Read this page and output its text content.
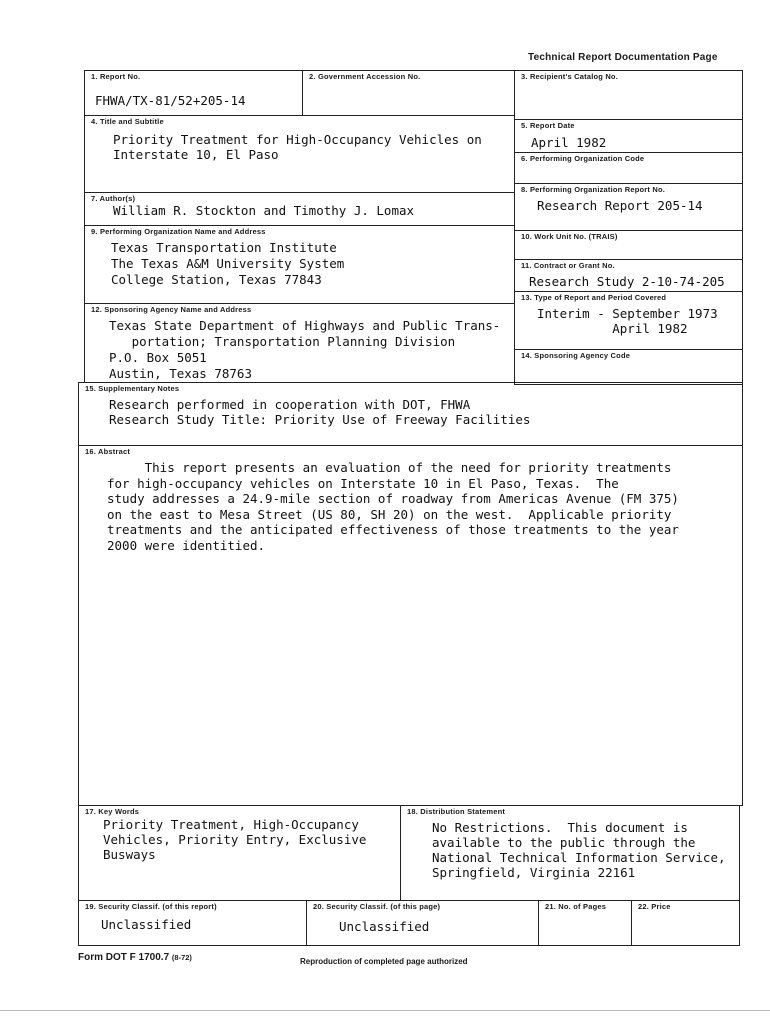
Technical Report Documentation Page
1. Report No.
FHWA/TX-81/52+205-14
2. Government Accession No.	3. Recipient's Catalog No.
4. Title and Subtitle
Priority Treatment for High-Occupancy Vehicles on
Interstate 10, El Paso
5. Report Date
April 1982
6. Performing Organization Code
7. Author(s)
William R. Stockton and Timothy J. Lomax
8. Performing Organization Report No.
Research Report 205-14
9. Performing Organization Name and Address
Texas Transportation Institute
The Texas A&M University System
College Station, Texas 77843
10. Work Unit No. (TRAIS)
11. Contract or Grant No.
Research Study 2-10-74-205
12. Sponsoring Agency Name and Address
Texas State Department of Highways and Public Trans-
portation; Transportation Planning Division
P.O. Box 5051
Austin, Texas 78763
13. Type of Report and Period Covered
Interim - September 1973
April 1982
14. Sponsoring Agency Code
15. Supplementary Notes
Research performed in cooperation with DOT, FHWA
Research Study Title: Priority Use of Freeway Facilities
16. Abstract
This report presents an evaluation of the need for priority treatments
for high-occupancy vehicles on Interstate 10 in El Paso, Texas.  The
study addresses a 24.9-mile section of roadway from Americas Avenue (FM 375)
on the east to Mesa Street (US 80, SH 20) on the west.  Applicable priority
treatments and the anticipated effectiveness of those treatments to the year
2000 were identitied.
17. Key Words
Priority Treatment, High-Occupancy
Vehicles, Priority Entry, Exclusive
Busways
18. Distribution Statement
No Restrictions.  This document is
available to the public through the
National Technical Information Service,
Springfield, Virginia 22161
19. Security Classif. (of this report)
Unclassified
20. Security Classif. (of this page)
Unclassified
21. No. of Pages	22. Price
Form DOT F 1700.7 (8-72)	Reproduction of completed page authorized
